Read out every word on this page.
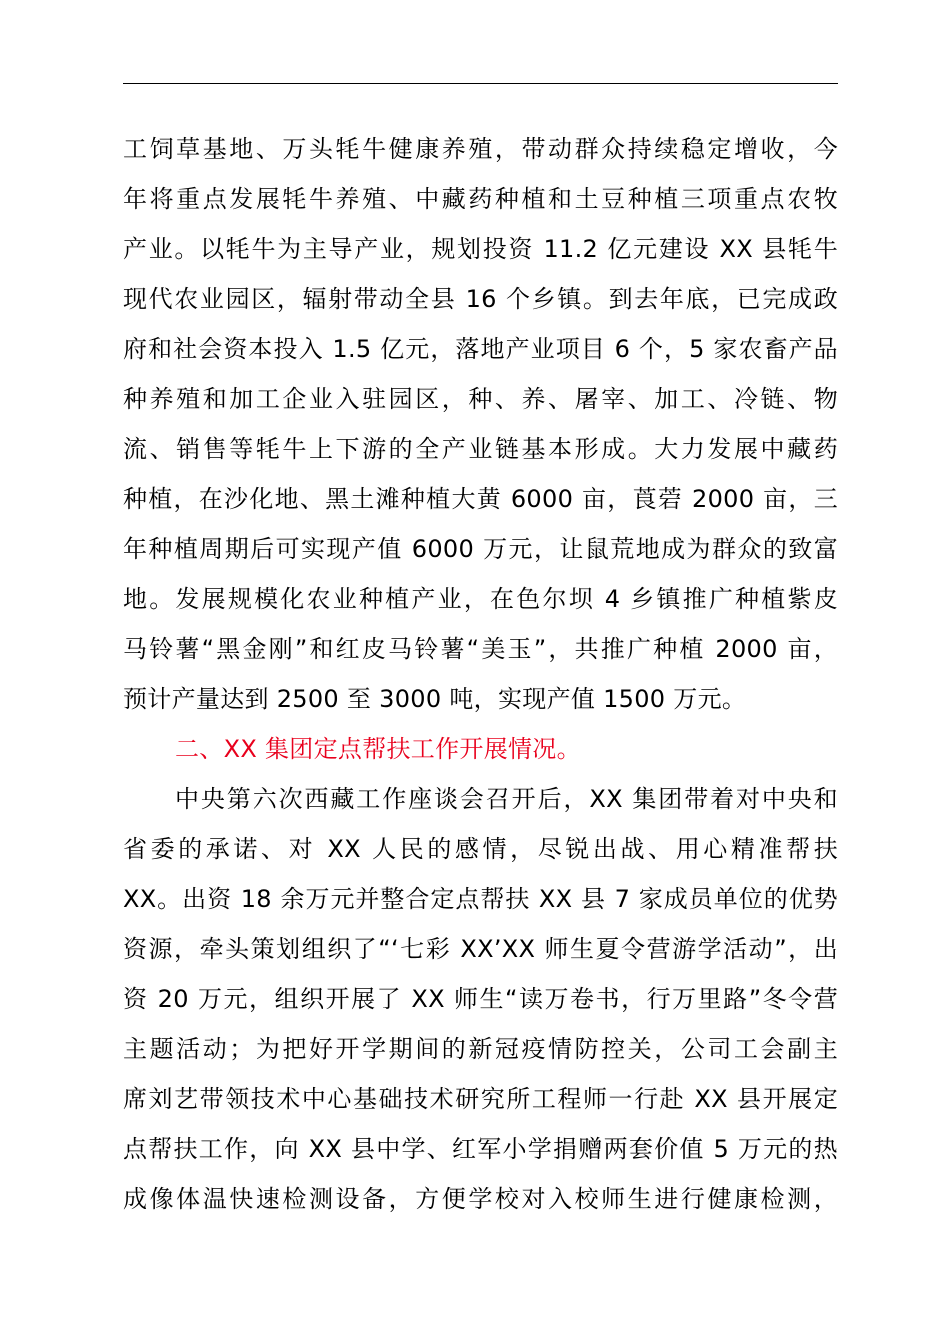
工饲草基地、万头牦牛健康养殖，带动群众持续稳定增收，今
年将重点发展牦牛养殖、中藏药种植和土豆种植三项重点农牧
产业。以牦牛为主导产业，规划投资 11.2 亿元建设 XX 县牦牛
现代农业园区，辐射带动全县 16 个乡镇。到去年底，已完成政
府和社会资本投入 1.5 亿元，落地产业项目 6 个，5 家农畜产品
种养殖和加工企业入驻园区，种、养、屠宰、加工、冷链、物
流、销售等牦牛上下游的全产业链基本形成。大力发展中藏药
种植，在沙化地、黑土滩种植大黄 6000 亩，莨菪 2000 亩，三
年种植周期后可实现产值 6000 万元，让鼠荒地成为群众的致富
地。发展规模化农业种植产业，在色尔坝 4 乡镇推广种植紫皮
马铃薯“黑金刚”和红皮马铃薯“美玉”，共推广种植 2000 亩，
预计产量达到 2500 至 3000 吨，实现产值 1500 万元。
二、XX 集团定点帮扶工作开展情况。
中央第六次西藏工作座谈会召开后，XX 集团带着对中央和
省委的承诺、对 XX 人民的感情，尽锐出战、用心精准帮扶
XX。出资 18 余万元并整合定点帮扶 XX 县 7 家成员单位的优势
资源，牵头策划组织了“‘七彩 XX’XX 师生夏令营游学活动”，出
资 20 万元，组织开展了 XX 师生“读万卷书，行万里路”冬令营
主题活动；为把好开学期间的新冠疫情防控关，公司工会副主
席刘艺带领技术中心基础技术研究所工程师一行赴 XX 县开展定
点帮扶工作，向 XX 县中学、红军小学捐赠两套价值 5 万元的热
成像体温快速检测设备，方便学校对入校师生进行健康检测，
